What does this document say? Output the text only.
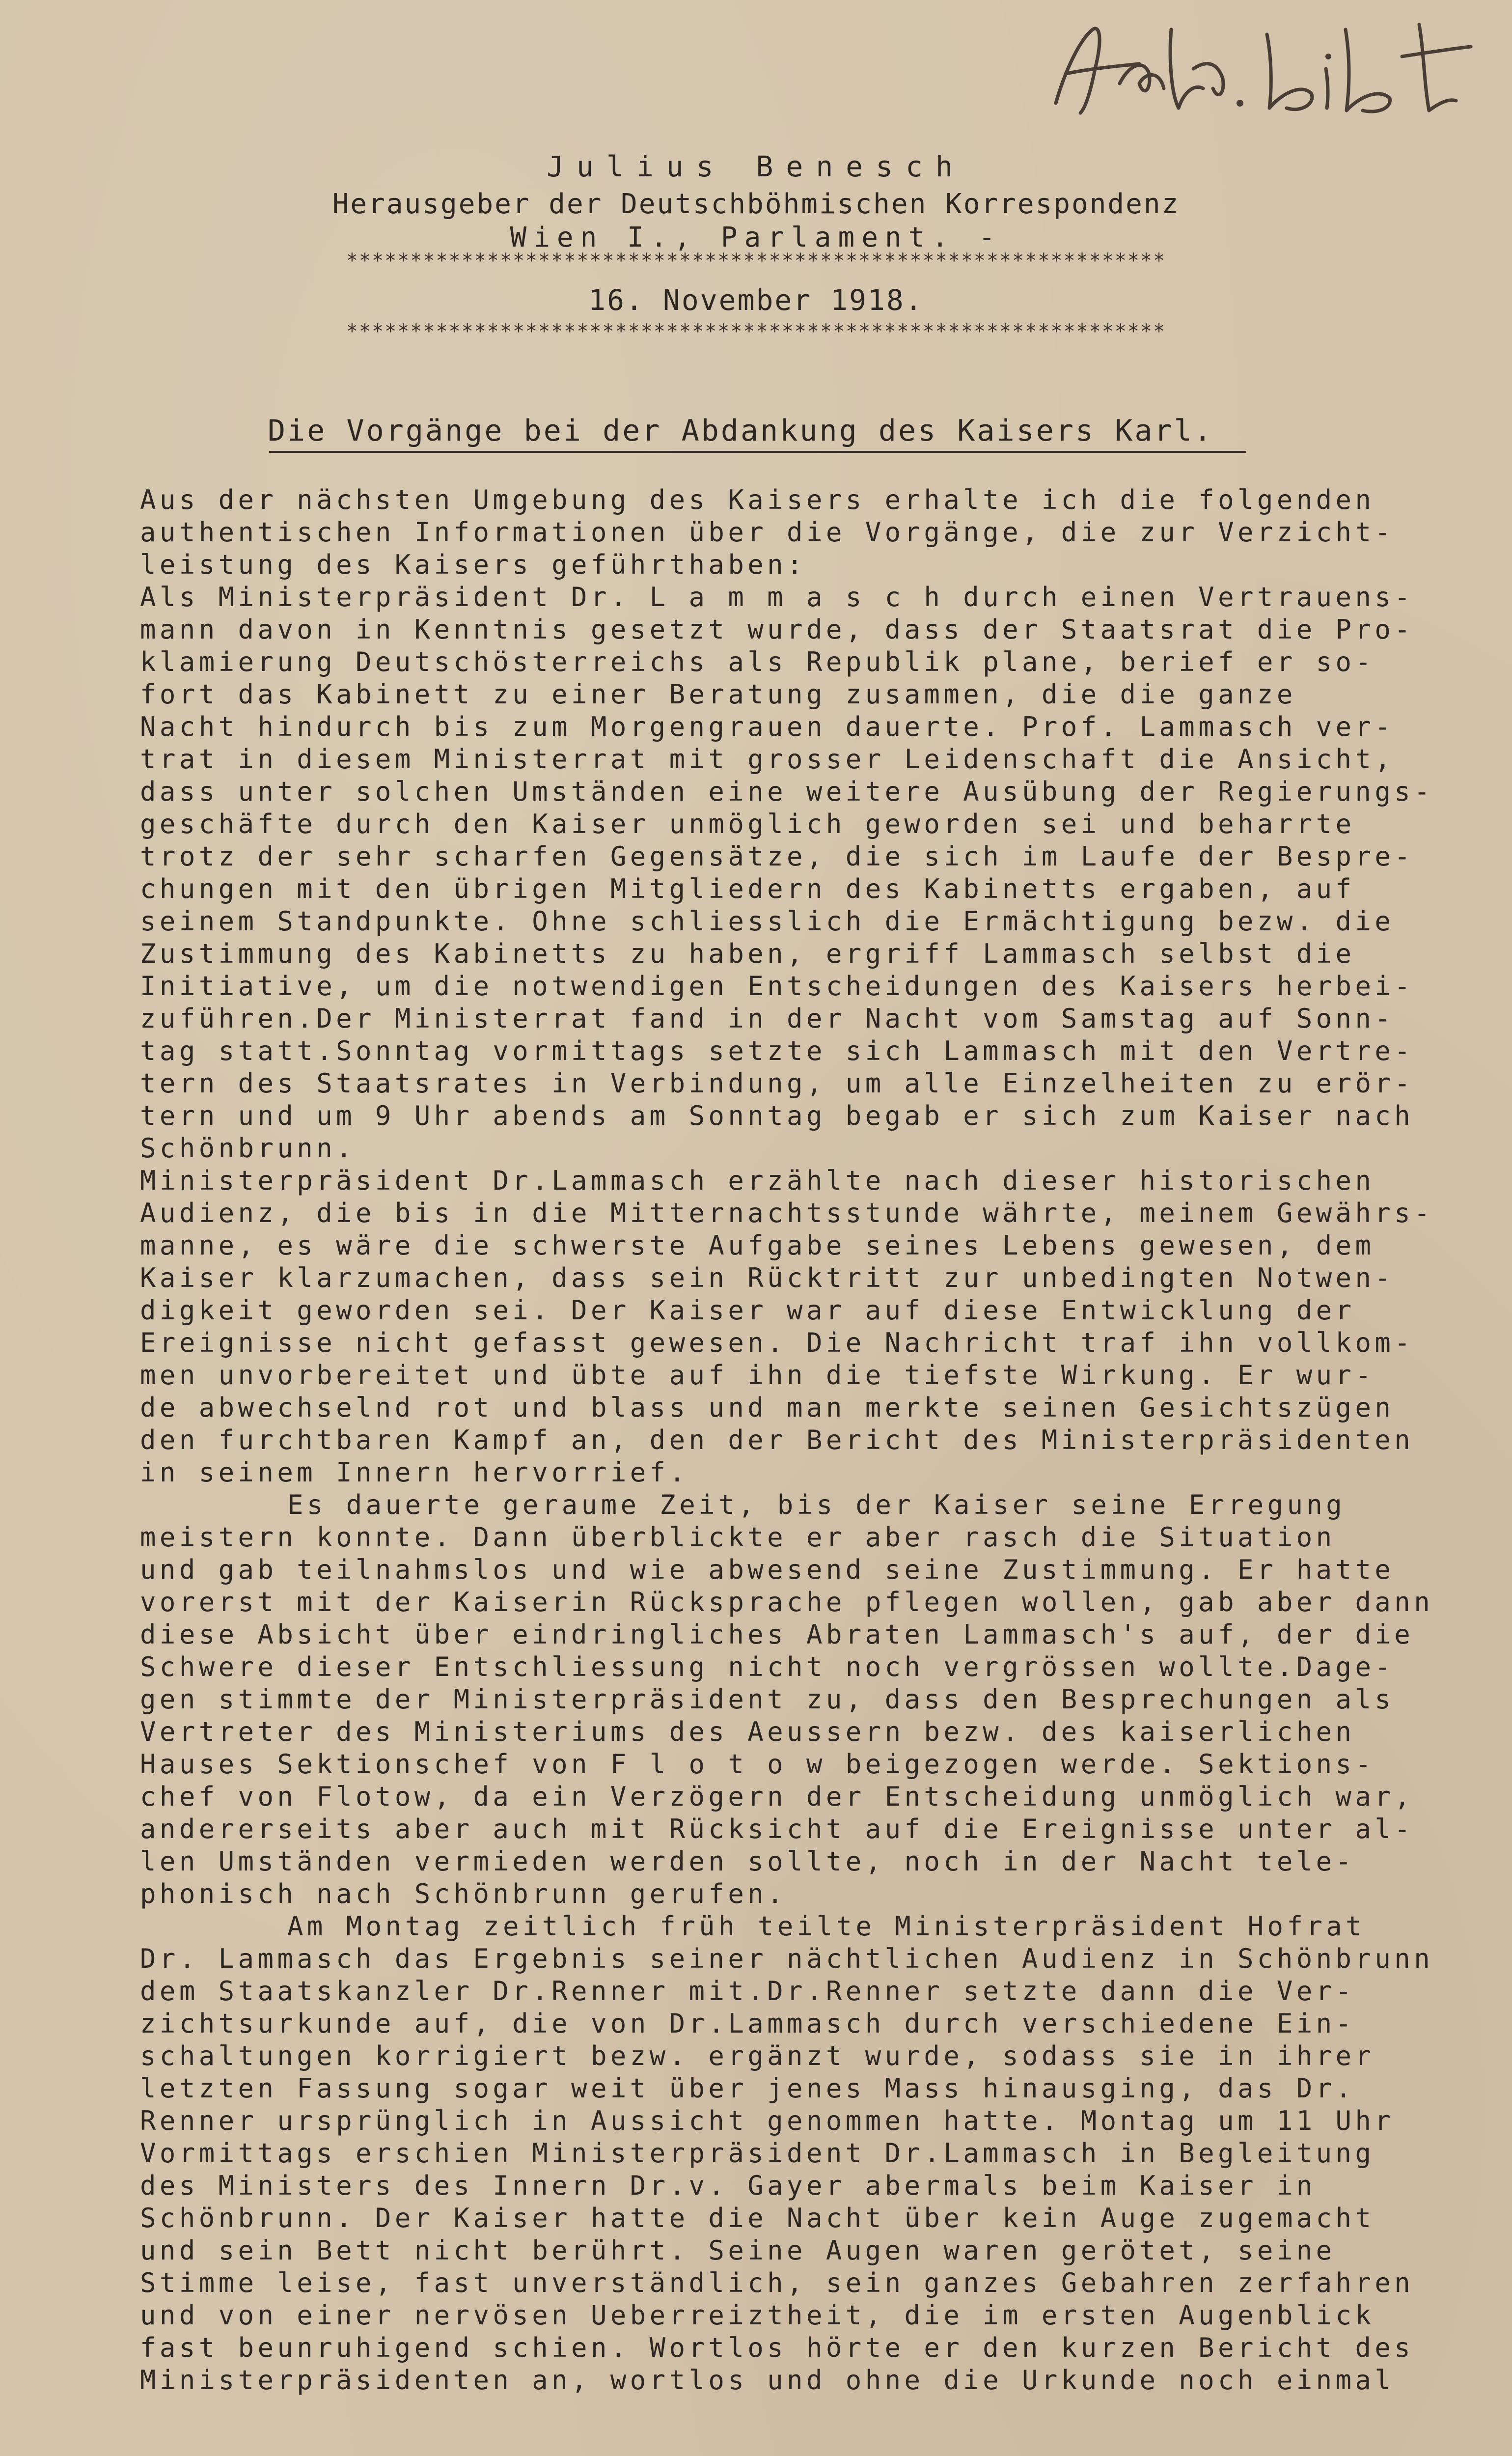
Julius Benesch
Herausgeber der Deutschböhmischen Korrespondenz
Wien I., Parlament. -
****************************************************************
16. November 1918.
****************************************************************
Die Vorgänge bei der Abdankung des Kaisers Karl.
Aus der nächsten Umgebung des Kaisers erhalte ich die folgenden
authentischen Informationen über die Vorgänge, die zur Verzicht-
leistung des Kaisers geführthaben:
Als Ministerpräsident Dr. L a m m a s c h durch einen Vertrauens-
mann davon in Kenntnis gesetzt wurde, dass der Staatsrat die Pro-
klamierung Deutschösterreichs als Republik plane, berief er so-
fort das Kabinett zu einer Beratung zusammen, die die ganze
Nacht hindurch bis zum Morgengrauen dauerte. Prof. Lammasch ver-
trat in diesem Ministerrat mit grosser Leidenschaft die Ansicht,
dass unter solchen Umständen eine weitere Ausübung der Regierungs-
geschäfte durch den Kaiser unmöglich geworden sei und beharrte
trotz der sehr scharfen Gegensätze, die sich im Laufe der Bespre-
chungen mit den übrigen Mitgliedern des Kabinetts ergaben, auf
seinem Standpunkte. Ohne schliesslich die Ermächtigung bezw. die
Zustimmung des Kabinetts zu haben, ergriff Lammasch selbst die
Initiative, um die notwendigen Entscheidungen des Kaisers herbei-
zuführen.Der Ministerrat fand in der Nacht vom Samstag auf Sonn-
tag statt.Sonntag vormittags setzte sich Lammasch mit den Vertre-
tern des Staatsrates in Verbindung, um alle Einzelheiten zu erör-
tern und um 9 Uhr abends am Sonntag begab er sich zum Kaiser nach
Schönbrunn.
Ministerpräsident Dr.Lammasch erzählte nach dieser historischen
Audienz, die bis in die Mitternachtsstunde währte, meinem Gewährs-
manne, es wäre die schwerste Aufgabe seines Lebens gewesen, dem
Kaiser klarzumachen, dass sein Rücktritt zur unbedingten Notwen-
digkeit geworden sei. Der Kaiser war auf diese Entwicklung der
Ereignisse nicht gefasst gewesen. Die Nachricht traf ihn vollkom-
men unvorbereitet und übte auf ihn die tiefste Wirkung. Er wur-
de abwechselnd rot und blass und man merkte seinen Gesichtszügen
den furchtbaren Kampf an, den der Bericht des Ministerpräsidenten
in seinem Innern hervorrief.
Es dauerte geraume Zeit, bis der Kaiser seine Erregung
meistern konnte. Dann überblickte er aber rasch die Situation
und gab teilnahmslos und wie abwesend seine Zustimmung. Er hatte
vorerst mit der Kaiserin Rücksprache pflegen wollen, gab aber dann
diese Absicht über eindringliches Abraten Lammasch's auf, der die
Schwere dieser Entschliessung nicht noch vergrössen wollte.Dage-
gen stimmte der Ministerpräsident zu, dass den Besprechungen als
Vertreter des Ministeriums des Aeussern bezw. des kaiserlichen
Hauses Sektionschef von F l o t o w beigezogen werde. Sektions-
chef von Flotow, da ein Verzögern der Entscheidung unmöglich war,
andererseits aber auch mit Rücksicht auf die Ereignisse unter al-
len Umständen vermieden werden sollte, noch in der Nacht tele-
phonisch nach Schönbrunn gerufen.
Am Montag zeitlich früh teilte Ministerpräsident Hofrat
Dr. Lammasch das Ergebnis seiner nächtlichen Audienz in Schönbrunn
dem Staatskanzler Dr.Renner mit.Dr.Renner setzte dann die Ver-
zichtsurkunde auf, die von Dr.Lammasch durch verschiedene Ein-
schaltungen korrigiert bezw. ergänzt wurde, sodass sie in ihrer
letzten Fassung sogar weit über jenes Mass hinausging, das Dr.
Renner ursprünglich in Aussicht genommen hatte. Montag um 11 Uhr
Vormittags erschien Ministerpräsident Dr.Lammasch in Begleitung
des Ministers des Innern Dr.v. Gayer abermals beim Kaiser in
Schönbrunn. Der Kaiser hatte die Nacht über kein Auge zugemacht
und sein Bett nicht berührt. Seine Augen waren gerötet, seine
Stimme leise, fast unverständlich, sein ganzes Gebahren zerfahren
und von einer nervösen Ueberreiztheit, die im ersten Augenblick
fast beunruhigend schien. Wortlos hörte er den kurzen Bericht des
Ministerpräsidenten an, wortlos und ohne die Urkunde noch einmal
